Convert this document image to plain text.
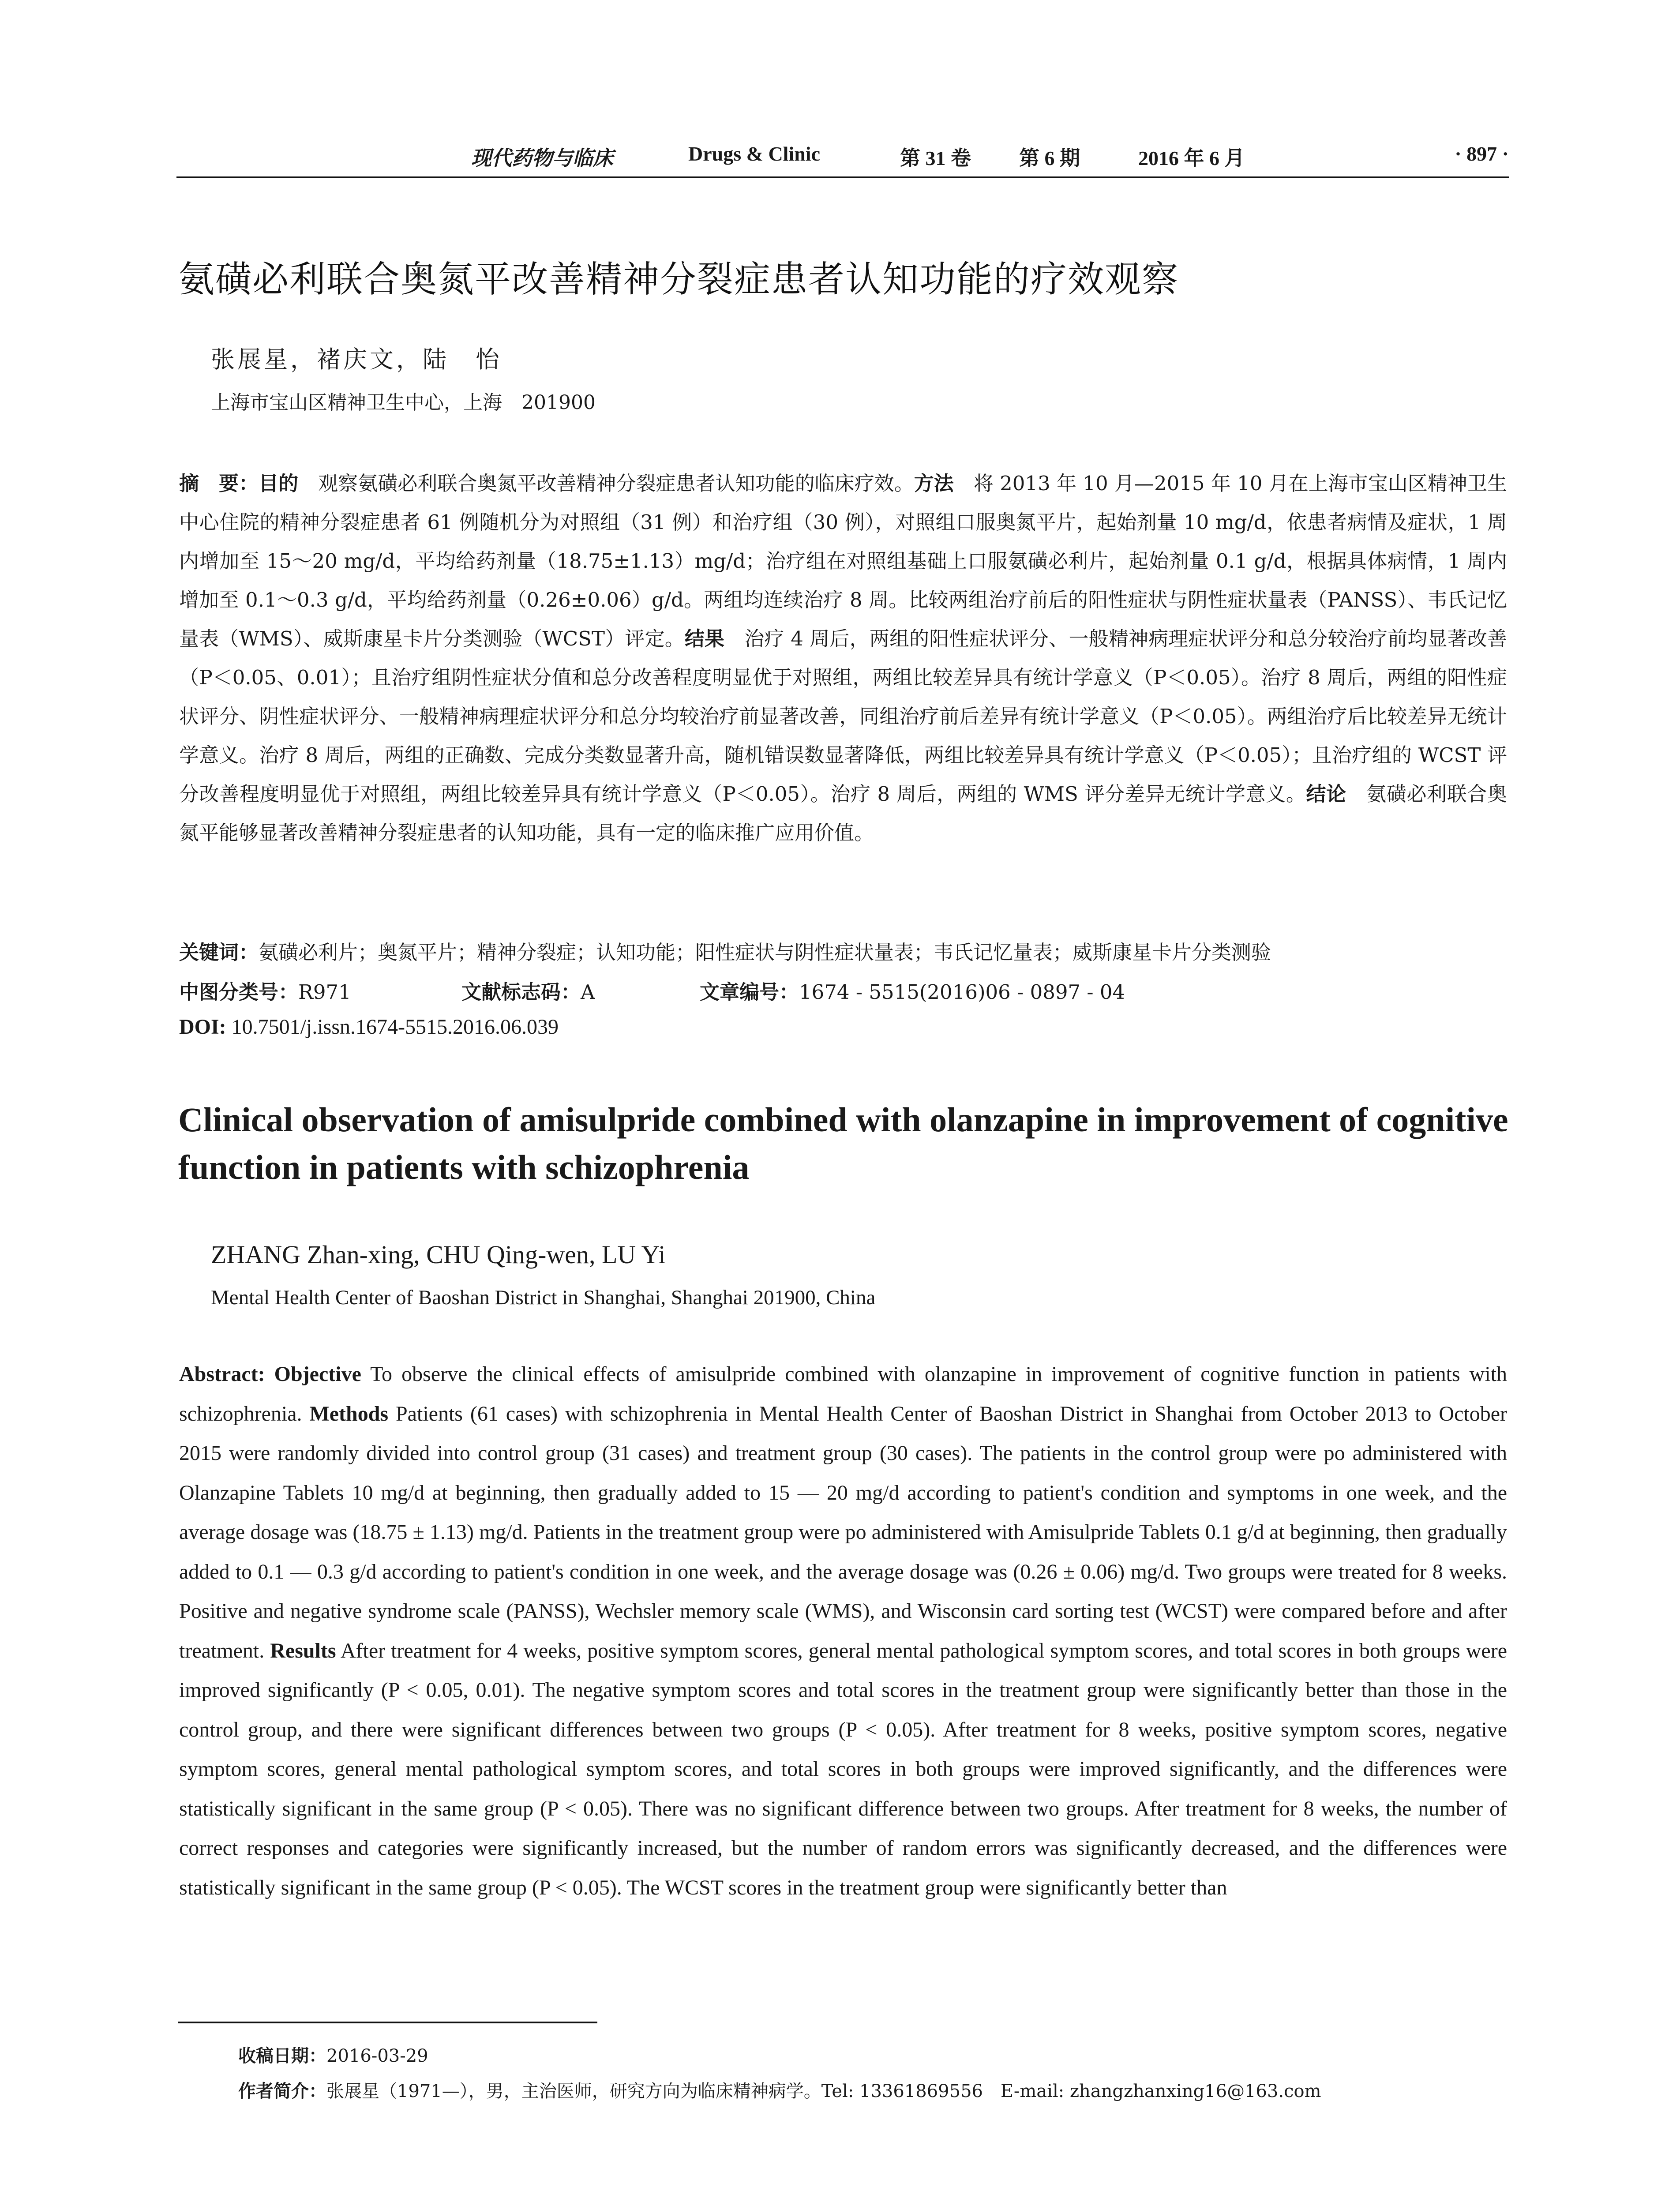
现代药物与临床	Drugs & Clinic	第 31 卷 第 6 期	2016 年 6 月	· 897 ·
氨磺必利联合奥氮平改善精神分裂症患者认知功能的疗效观察
张展星，褚庆文，陆　怡
上海市宝山区精神卫生中心，上海　201900

摘　要：目的　观察氨磺必利联合奥氮平改善精神分裂症患者认知功能的临床疗效。方法　将 2013 年 10 月—2015 年 10 月在上海市宝山区精神卫生中心住院的精神分裂症患者 61 例随机分为对照组（31 例）和治疗组（30 例），对照组口服奥氮平片，起始剂量 10 mg/d，依患者病情及症状，1 周内增加至 15～20 mg/d，平均给药剂量（18.75±1.13）mg/d；治疗组在对照组基础上口服氨磺必利片，起始剂量 0.1 g/d，根据具体病情，1 周内增加至 0.1～0.3 g/d，平均给药剂量（0.26±0.06）g/d。两组均连续治疗 8 周。比较两组治疗前后的阳性症状与阴性症状量表（PANSS）、韦氏记忆量表（WMS）、威斯康星卡片分类测验（WCST）评定。结果　治疗 4 周后，两组的阳性症状评分、一般精神病理症状评分和总分较治疗前均显著改善（P＜0.05、0.01）；且治疗组阴性症状分值和总分改善程度明显优于对照组，两组比较差异具有统计学意义（P＜0.05）。治疗 8 周后，两组的阳性症状评分、阴性症状评分、一般精神病理症状评分和总分均较治疗前显著改善，同组治疗前后差异有统计学意义（P＜0.05）。两组治疗后比较差异无统计学意义。治疗 8 周后，两组的正确数、完成分类数显著升高，随机错误数显著降低，两组比较差异具有统计学意义（P＜0.05）；且治疗组的 WCST 评分改善程度明显优于对照组，两组比较差异具有统计学意义（P＜0.05）。治疗 8 周后，两组的 WMS 评分差异无统计学意义。结论　氨磺必利联合奥氮平能够显著改善精神分裂症患者的认知功能，具有一定的临床推广应用价值。

关键词：氨磺必利片；奥氮平片；精神分裂症；认知功能；阳性症状与阴性症状量表；韦氏记忆量表；威斯康星卡片分类测验
中图分类号：R971	文献标志码：A	文章编号：1674 - 5515(2016)06 - 0897 - 04
DOI: 10.7501/j.issn.1674-5515.2016.06.039
Clinical observation of amisulpride combined with olanzapine in improvement of cognitive function in patients with schizophrenia
ZHANG Zhan-xing, CHU Qing-wen, LU Yi
Mental Health Center of Baoshan District in Shanghai, Shanghai 201900, China

Abstract: Objective To observe the clinical effects of amisulpride combined with olanzapine in improvement of cognitive function in patients with schizophrenia. Methods Patients (61 cases) with schizophrenia in Mental Health Center of Baoshan District in Shanghai from October 2013 to October 2015 were randomly divided into control group (31 cases) and treatment group (30 cases). The patients in the control group were po administered with Olanzapine Tablets 10 mg/d at beginning, then gradually added to 15 — 20 mg/d according to patient's condition and symptoms in one week, and the average dosage was (18.75 ± 1.13) mg/d. Patients in the treatment group were po administered with Amisulpride Tablets 0.1 g/d at beginning, then gradually added to 0.1 — 0.3 g/d according to patient's condition in one week, and the average dosage was (0.26 ± 0.06) mg/d. Two groups were treated for 8 weeks. Positive and negative syndrome scale (PANSS), Wechsler memory scale (WMS), and Wisconsin card sorting test (WCST) were compared before and after treatment. Results After treatment for 4 weeks, positive symptom scores, general mental pathological symptom scores, and total scores in both groups were improved significantly (P < 0.05, 0.01). The negative symptom scores and total scores in the treatment group were significantly better than those in the control group, and there were significant differences between two groups (P < 0.05). After treatment for 8 weeks, positive symptom scores, negative symptom scores, general mental pathological symptom scores, and total scores in both groups were improved significantly, and the differences were statistically significant in the same group (P < 0.05). There was no significant difference between two groups. After treatment for 8 weeks, the number of correct responses and categories were significantly increased, but the number of random errors was significantly decreased, and the differences were statistically significant in the same group (P < 0.05). The WCST scores in the treatment group were significantly better than

收稿日期：2016-03-29
作者简介：张展星（1971—），男，主治医师，研究方向为临床精神病学。Tel: 13361869556　E-mail: zhangzhanxing16@163.com
